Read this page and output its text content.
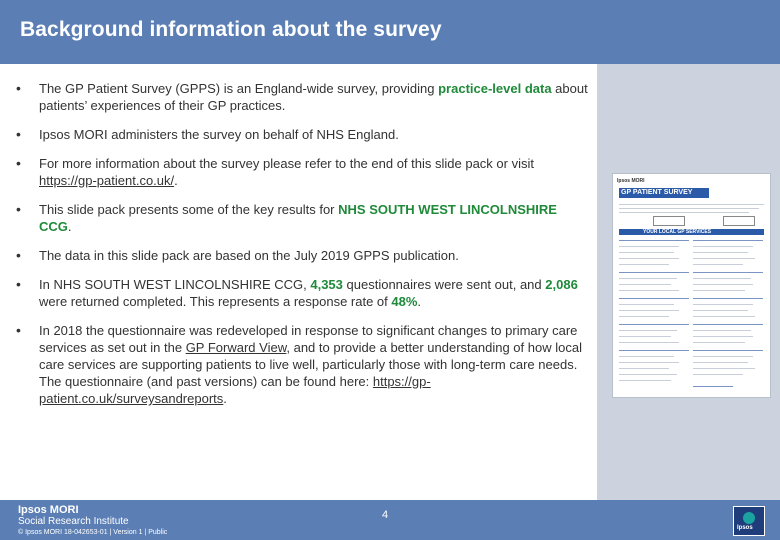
Background information about the survey
• The GP Patient Survey (GPPS) is an England-wide survey, providing practice-level data about patients’ experiences of their GP practices.
• Ipsos MORI administers the survey on behalf of NHS England.
• For more information about the survey please refer to the end of this slide pack or visit https://gp-patient.co.uk/.
• This slide pack presents some of the key results for NHS SOUTH WEST LINCOLNSHIRE CCG.
• The data in this slide pack are based on the July 2019 GPPS publication.
• In NHS SOUTH WEST LINCOLNSHIRE CCG, 4,353 questionnaires were sent out, and 2,086 were returned completed. This represents a response rate of 48%.
• In 2018 the questionnaire was redeveloped in response to significant changes to primary care services as set out in the GP Forward View, and to provide a better understanding of how local care services are supporting patients to live well, particularly those with long-term care needs. The questionnaire (and past versions) can be found here: https://gp-patient.co.uk/surveysandreports.
Ipsos MORI
GP PATIENT SURVEY
YOUR LOCAL GP SERVICES
Ipsos MORI
Social Research Institute
4
© Ipsos MORI 18-042653-01 | Version 1 | Public
Ipsos
